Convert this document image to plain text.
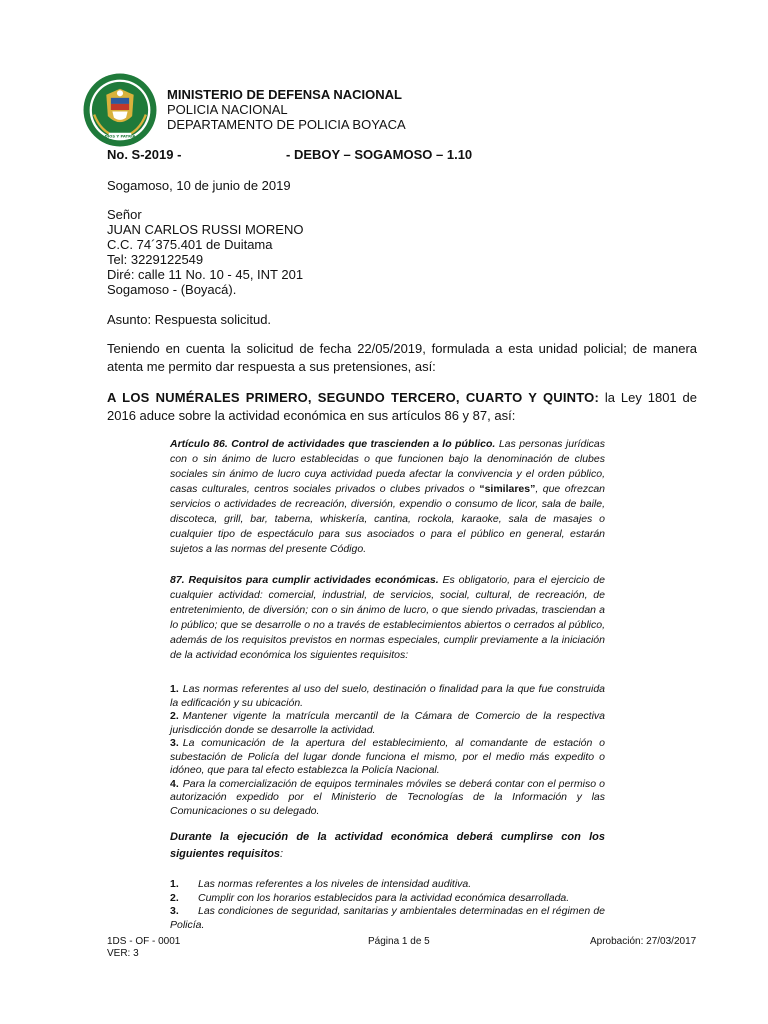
DIOS Y PATRIA
MINISTERIO DE DEFENSA NACIONAL
POLICIA NACIONAL
DEPARTAMENTO DE POLICIA BOYACA
No. S-2019 -	- DEBOY – SOGAMOSO – 1.10
Sogamoso, 10 de junio de 2019
Señor
JUAN CARLOS RUSSI MORENO
C.C. 74´375.401 de Duitama
Tel: 3229122549
Diré: calle 11 No. 10 - 45, INT 201
Sogamoso - (Boyacá).
Asunto: Respuesta solicitud.

Teniendo en cuenta la solicitud de fecha 22/05/2019, formulada a esta unidad policial; de manera atenta me permito dar respuesta a sus pretensiones, así:

A LOS NUMÉRALES PRIMERO, SEGUNDO TERCERO, CUARTO Y QUINTO: la Ley 1801 de 2016 aduce sobre la actividad económica en sus artículos 86 y 87, así:

Artículo 86. Control de actividades que trascienden a lo público. Las personas jurídicas con o sin ánimo de lucro establecidas o que funcionen bajo la denominación de clubes sociales sin ánimo de lucro cuya actividad pueda afectar la convivencia y el orden público, casas culturales, centros sociales privados o clubes privados o “similares”, que ofrezcan servicios o actividades de recreación, diversión, expendio o consumo de licor, sala de baile, discoteca, grill, bar, taberna, whiskería, cantina, rockola, karaoke, sala de masajes o cualquier tipo de espectáculo para sus asociados o para el público en general, estarán sujetos a las normas del presente Código.

87. Requisitos para cumplir actividades económicas. Es obligatorio, para el ejercicio de cualquier actividad: comercial, industrial, de servicios, social, cultural, de recreación, de entretenimiento, de diversión; con o sin ánimo de lucro, o que siendo privadas, trasciendan a lo público; que se desarrolle o no a través de establecimientos abiertos o cerrados al público, además de los requisitos previstos en normas especiales, cumplir previamente a la iniciación de la actividad económica los siguientes requisitos:

1. Las normas referentes al uso del suelo, destinación o finalidad para la que fue construida la edificación y su ubicación.

2. Mantener vigente la matrícula mercantil de la Cámara de Comercio de la respectiva jurisdicción donde se desarrolle la actividad.

3. La comunicación de la apertura del establecimiento, al comandante de estación o subestación de Policía del lugar donde funciona el mismo, por el medio más expedito o idóneo, que para tal efecto establezca la Policía Nacional.

4. Para la comercialización de equipos terminales móviles se deberá contar con el permiso o autorización expedido por el Ministerio de Tecnologías de la Información y las Comunicaciones o su delegado.

Durante la ejecución de la actividad económica deberá cumplirse con los siguientes requisitos:

1. Las normas referentes a los niveles de intensidad auditiva.

2. Cumplir con los horarios establecidos para la actividad económica desarrollada.

3. Las condiciones de seguridad, sanitarias y ambientales determinadas en el régimen de Policía.

1DS - OF - 0001
VER: 3
Página 1 de 5	Aprobación: 27/03/2017
